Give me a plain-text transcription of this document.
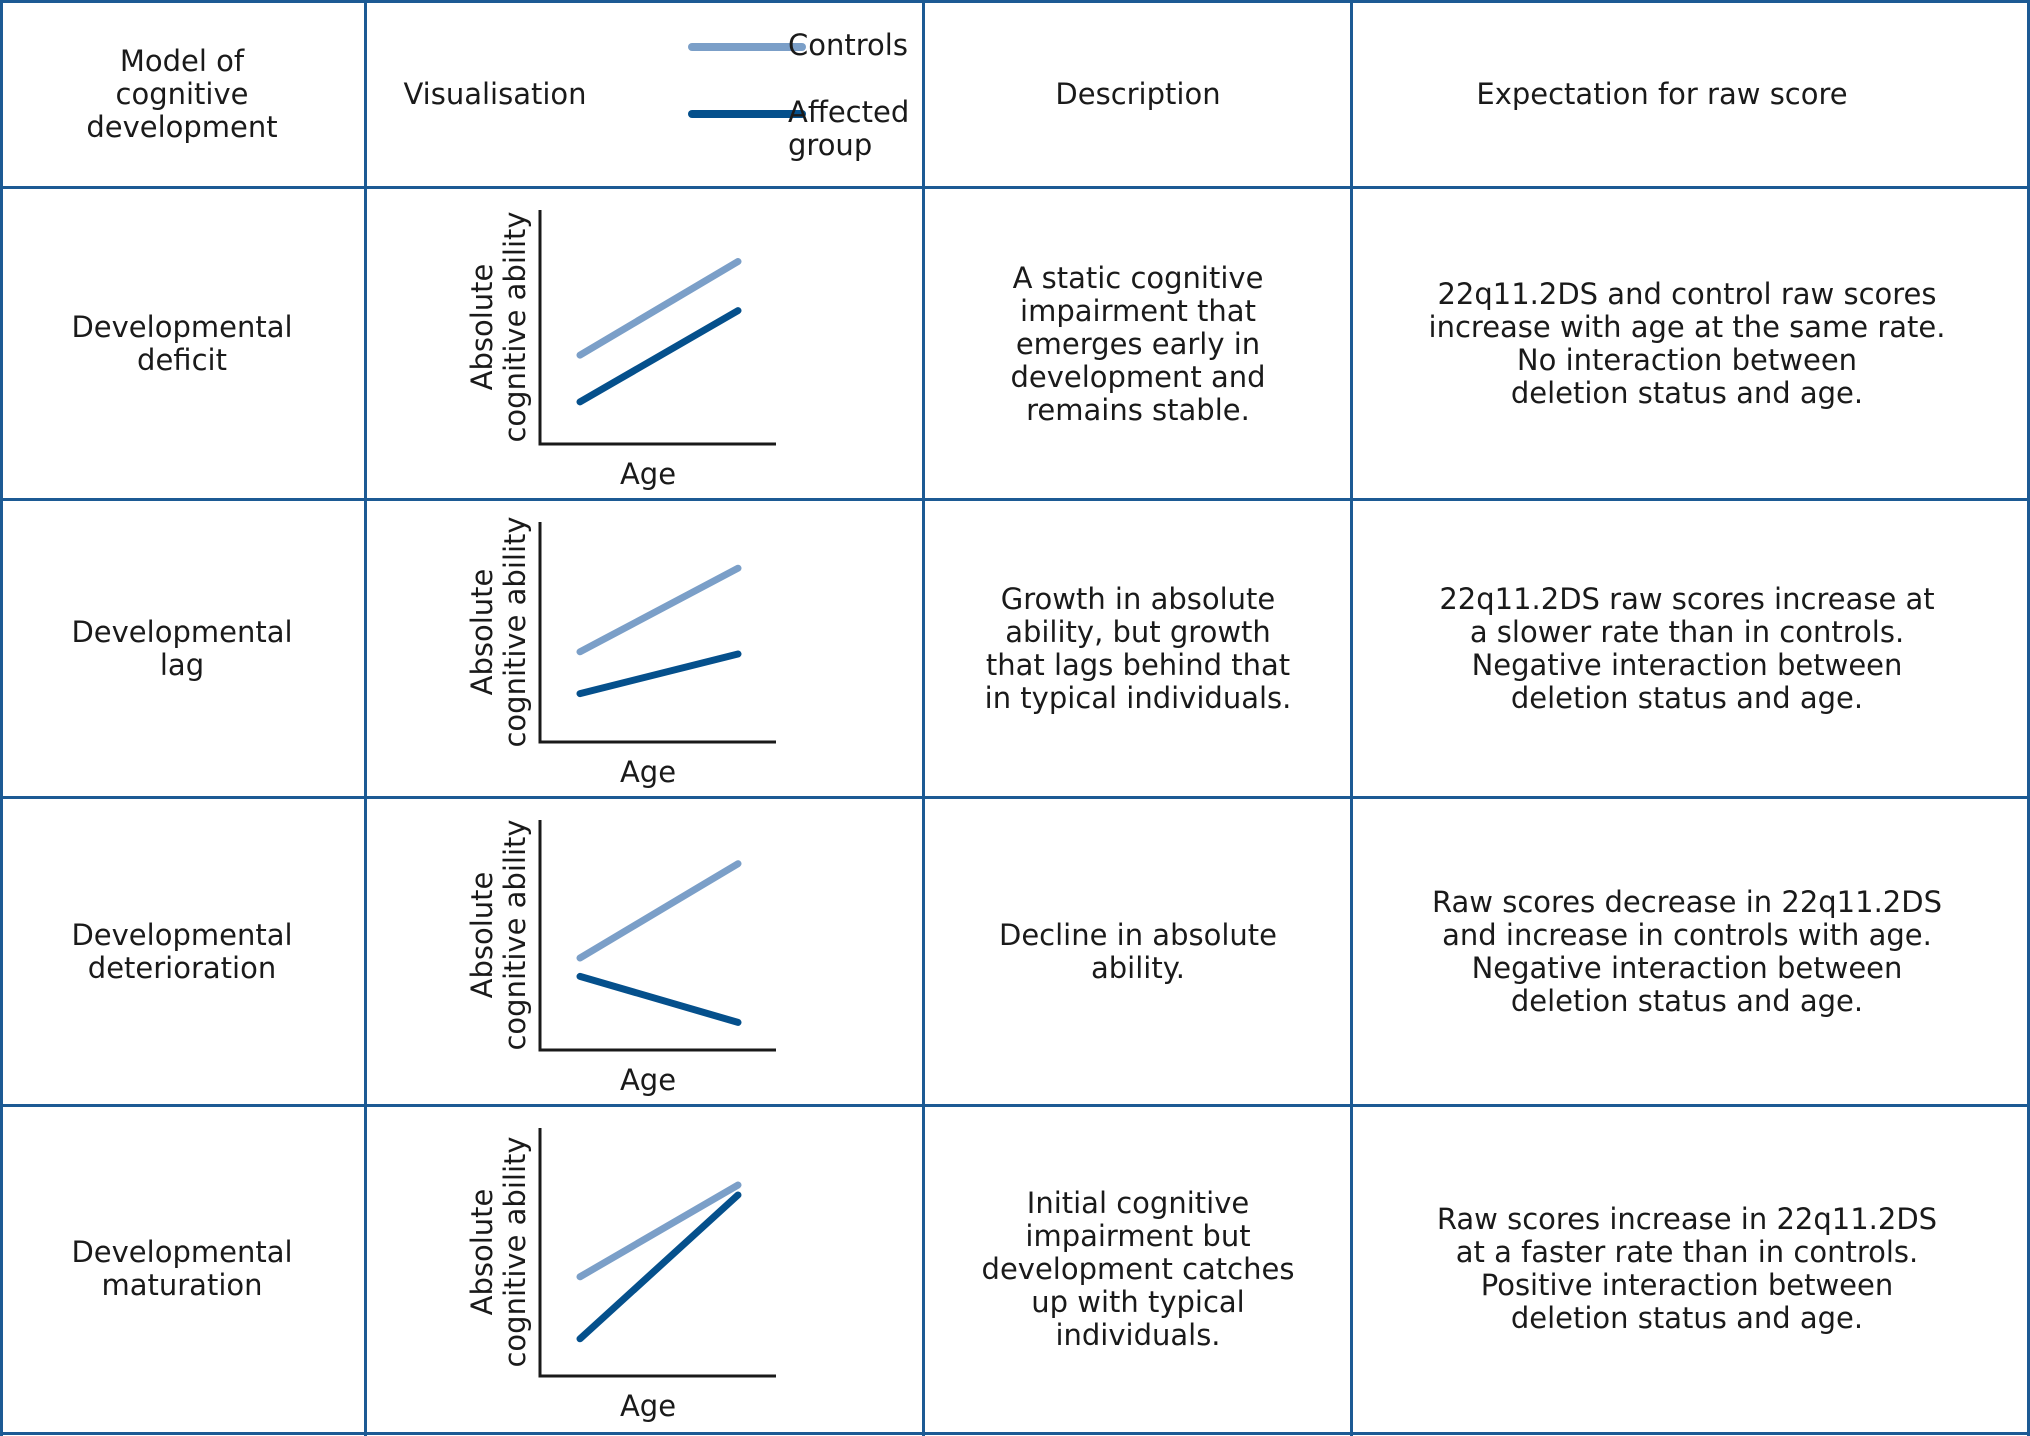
Model of
cognitive
development
Visualisation	Description	Expectation for raw score
Controls
Affected
group
Developmental
deficit
A static cognitive
impairment that
emerges early in
development and
remains stable.
22q11.2DS and control raw scores
increase with age at the same rate.
No interaction between
deletion status and age.
Absolutecognitive ability
Age
Developmental
lag
Growth in absolute
ability, but growth
that lags behind that
in typical individuals.
22q11.2DS raw scores increase at
a slower rate than in controls.
Negative interaction between
deletion status and age.
Absolutecognitive ability
Age
Developmental
deterioration
Decline in absolute
ability.
Raw scores decrease in 22q11.2DS
and increase in controls with age.
Negative interaction between
deletion status and age.
Absolutecognitive ability
Age
Developmental
maturation
Initial cognitive
impairment but
development catches
up with typical
individuals.
Raw scores increase in 22q11.2DS
at a faster rate than in controls.
Positive interaction between
deletion status and age.
Absolutecognitive ability
Age
